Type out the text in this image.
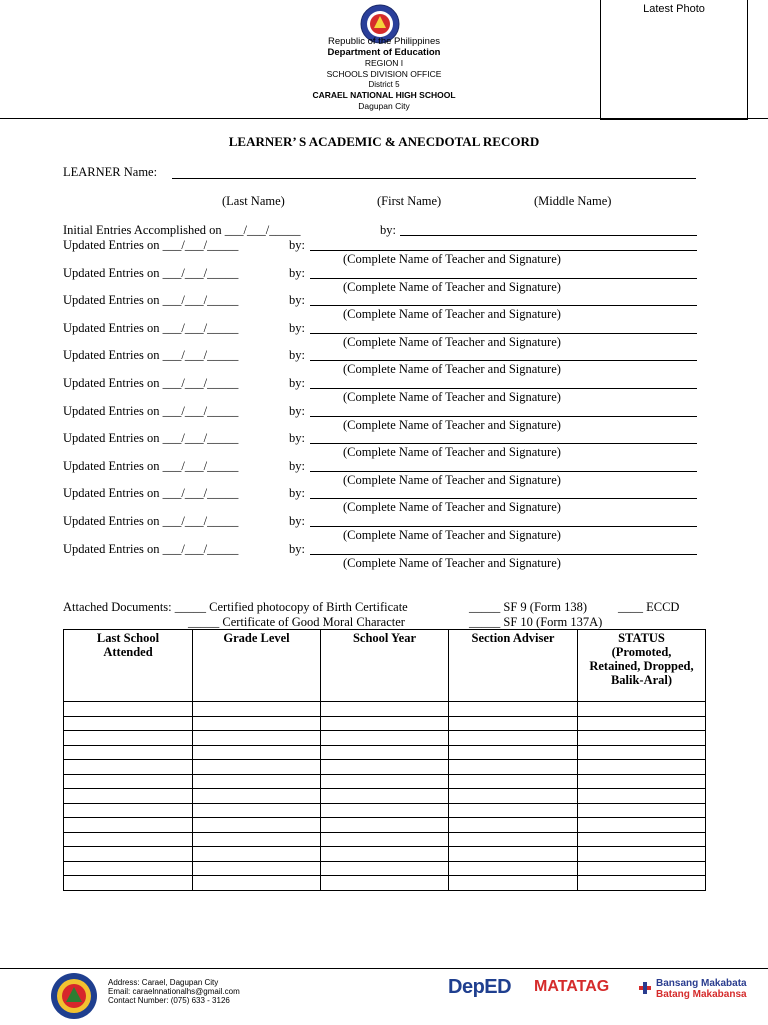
Republic of the Philippines
Department of Education
REGION I
SCHOOLS DIVISION OFFICE
District 5
CARAEL NATIONAL HIGH SCHOOL
Dagupan City
Latest Photo
LEARNER’ S ACADEMIC & ANECDOTAL RECORD
LEARNER Name:
(Last Name)	(First Name)	(Middle Name)
Initial Entries Accomplished on ___/___/_____	by:
Updated Entries on ___/___/_____	by:
(Complete Name of Teacher and Signature)
Updated Entries on ___/___/_____	by:
(Complete Name of Teacher and Signature)
Updated Entries on ___/___/_____	by:
(Complete Name of Teacher and Signature)
Updated Entries on ___/___/_____	by:
(Complete Name of Teacher and Signature)
Updated Entries on ___/___/_____	by:
(Complete Name of Teacher and Signature)
Updated Entries on ___/___/_____	by:
(Complete Name of Teacher and Signature)
Updated Entries on ___/___/_____	by:
(Complete Name of Teacher and Signature)
Updated Entries on ___/___/_____	by:
(Complete Name of Teacher and Signature)
Updated Entries on ___/___/_____	by:
(Complete Name of Teacher and Signature)
Updated Entries on ___/___/_____	by:
(Complete Name of Teacher and Signature)
Updated Entries on ___/___/_____	by:
(Complete Name of Teacher and Signature)
Updated Entries on ___/___/_____	by:
(Complete Name of Teacher and Signature)
Attached Documents: _____ Certified photocopy of Birth Certificate	_____ SF 9 (Form 138) ____ ECCD
_____ Certificate of Good Moral Character	_____ SF 10 (Form 137A)
Last School Attended	Grade Level	School Year	Section Adviser	STATUS (Promoted, Retained, Dropped, Balik-Aral)

Address: Carael, Dagupan City
Email: caraelnnationalhs@gmail.com
Contact Number: (075) 633 - 3126
DepED MATATAG	Bansang Makabata
Batang Makabansa
